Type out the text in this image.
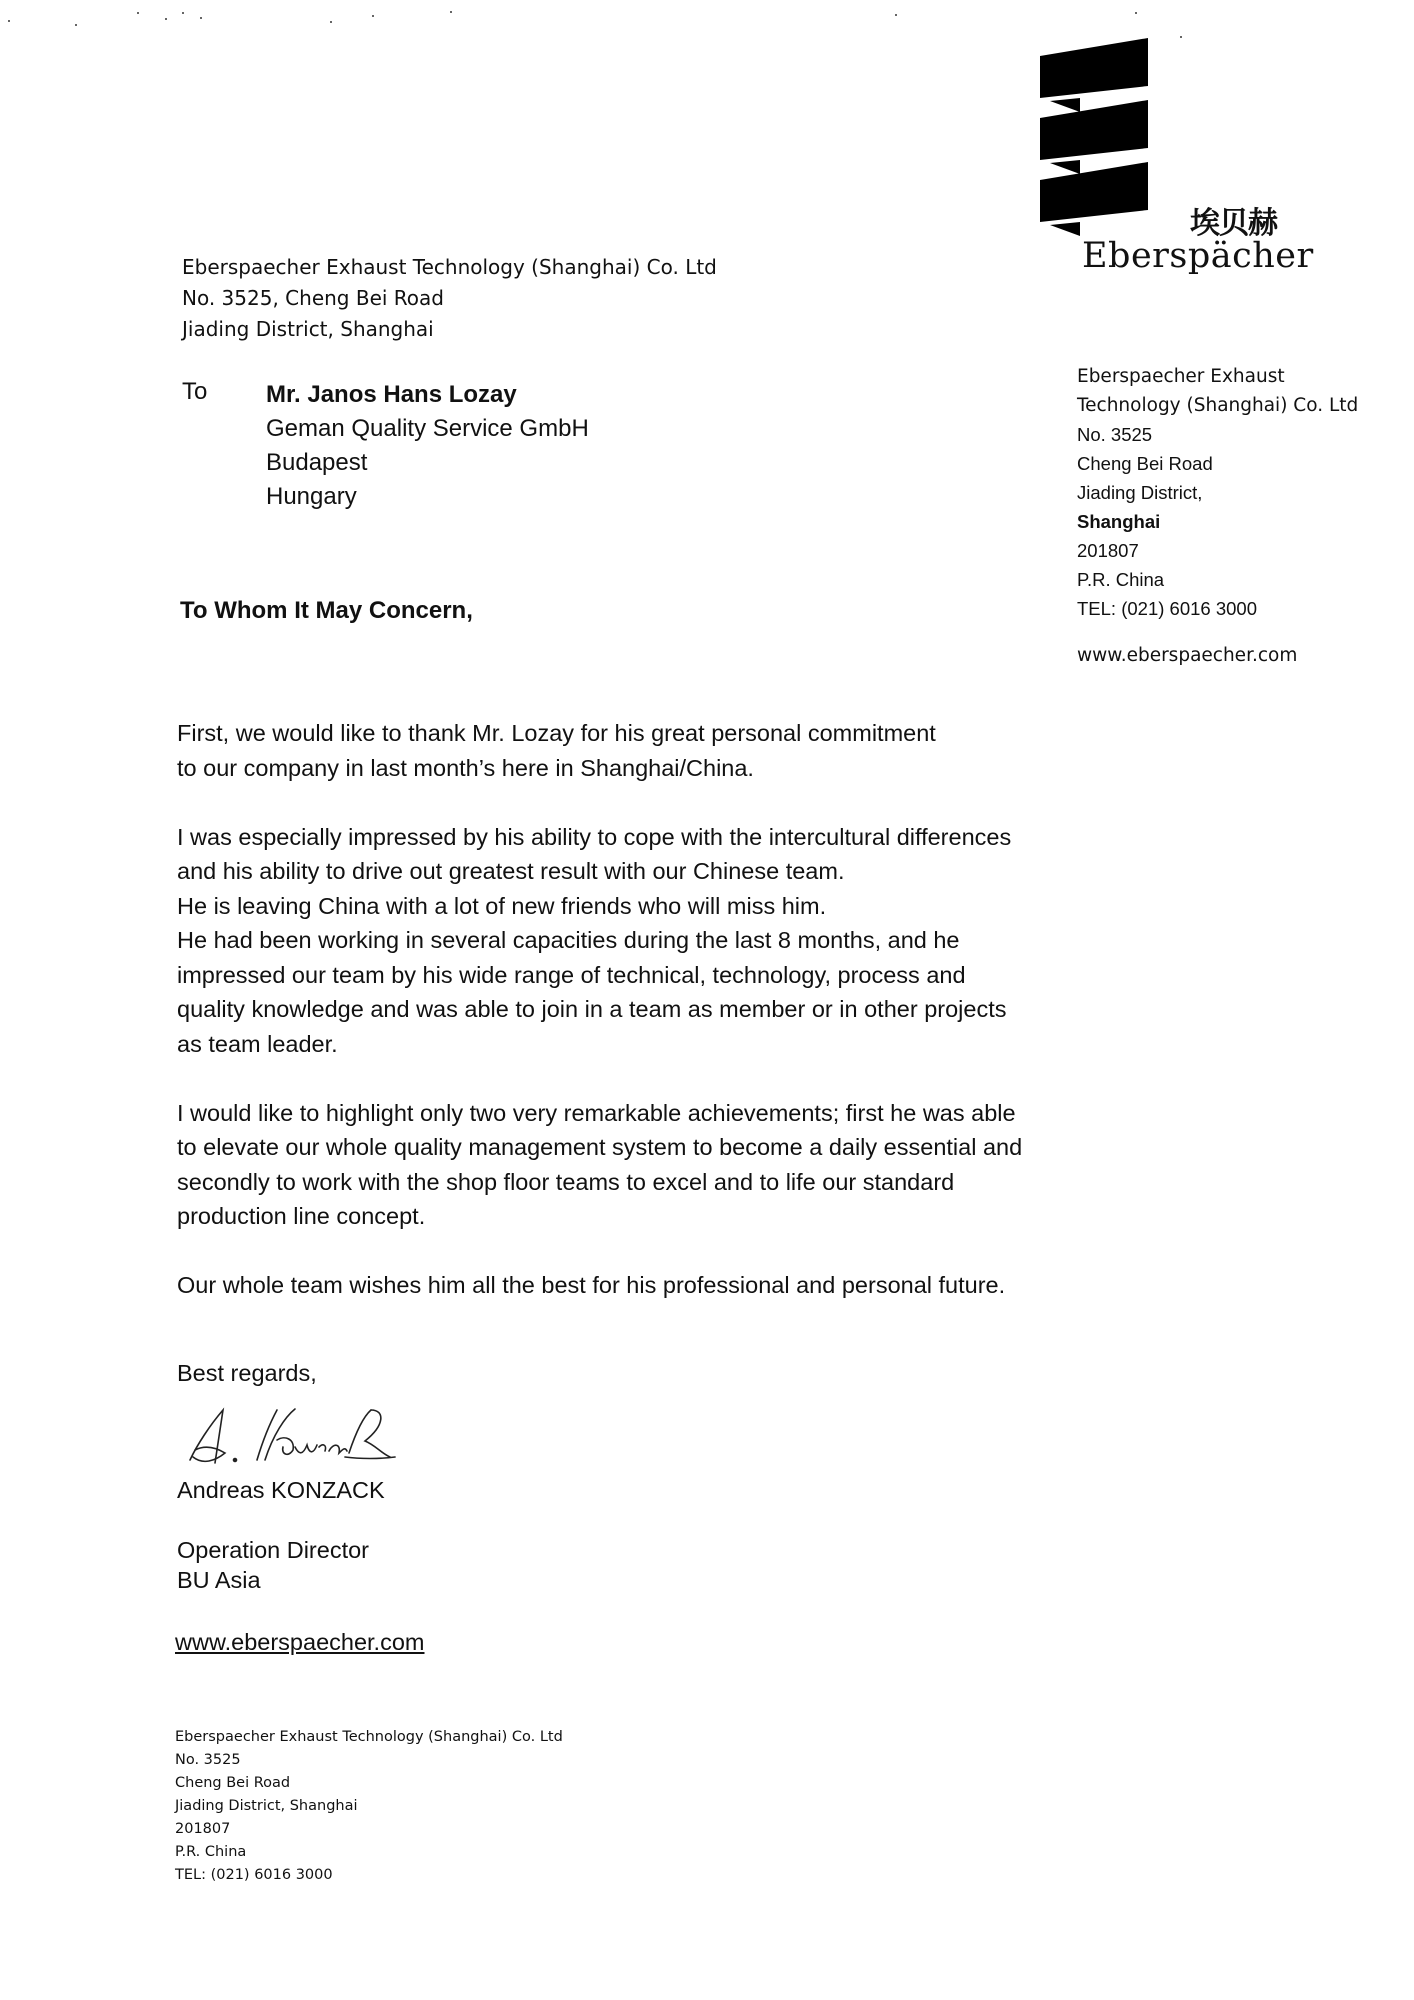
埃贝赫
Eberspächer
Eberspaecher Exhaust Technology (Shanghai) Co. Ltd
No. 3525, Cheng Bei Road
Jiading District, Shanghai
To Mr. Janos Hans Lozay
Geman Quality Service GmbH
Budapest
Hungary
Eberspaecher Exhaust
Technology (Shanghai) Co. Ltd
No. 3525
Cheng Bei Road
Jiading District,
Shanghai
201807
P.R. China
TEL: (021) 6016 3000
www.eberspaecher.com
To Whom It May Concern,

First, we would like to thank Mr. Lozay for his great personal commitment
to our company in last month’s here in Shanghai/China.

I was especially impressed by his ability to cope with the intercultural differences
and his ability to drive out greatest result with our Chinese team.
He is leaving China with a lot of new friends who will miss him.
He had been working in several capacities during the last 8 months, and he
impressed our team by his wide range of technical, technology, process and
quality knowledge and was able to join in a team as member or in other projects
as team leader.

I would like to highlight only two very remarkable achievements; first he was able
to elevate our whole quality management system to become a daily essential and
secondly to work with the shop floor teams to excel and to life our standard
production line concept.

Our whole team wishes him all the best for his professional and personal future.

Best regards,
Andreas KONZACK
Operation Director
BU Asia
www.eberspaecher.com
Eberspaecher Exhaust Technology (Shanghai) Co. Ltd
No. 3525
Cheng Bei Road
Jiading District, Shanghai
201807
P.R. China
TEL: (021) 6016 3000
